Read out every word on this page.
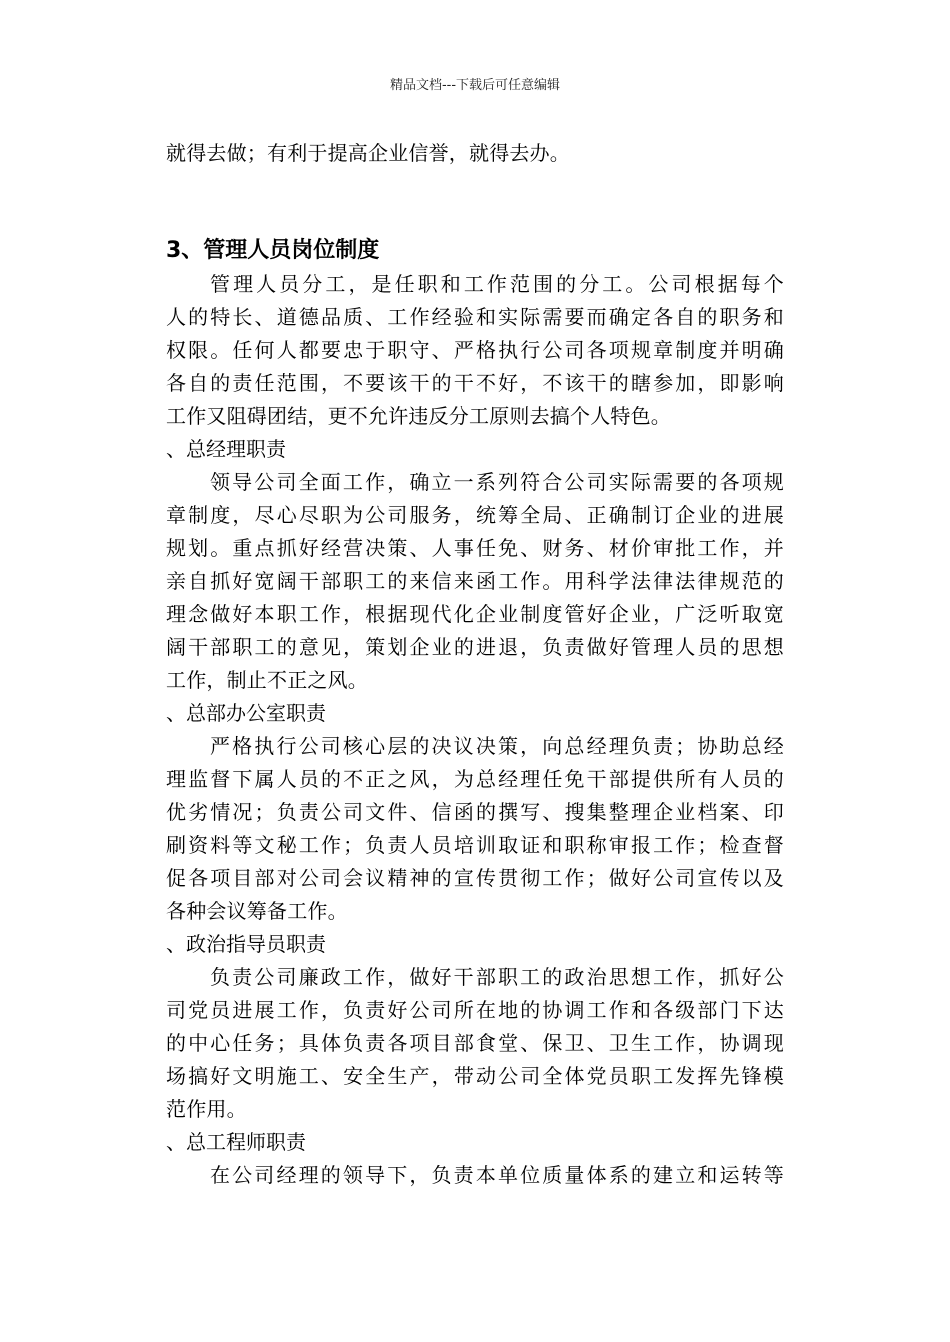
精品文档---下载后可任意编辑
就得去做；有利于提高企业信誉，就得去办。
3、管理人员岗位制度
管理人员分工，是任职和工作范围的分工。公司根据每个
人的特长、道德品质、工作经验和实际需要而确定各自的职务和
权限。任何人都要忠于职守、严格执行公司各项规章制度并明确
各自的责任范围，不要该干的干不好，不该干的瞎参加，即影响
工作又阻碍团结，更不允许违反分工原则去搞个人特色。
、总经理职责
领导公司全面工作，确立一系列符合公司实际需要的各项规
章制度，尽心尽职为公司服务，统筹全局、正确制订企业的进展
规划。重点抓好经营决策、人事任免、财务、材价审批工作，并
亲自抓好宽阔干部职工的来信来函工作。用科学法律法律规范的
理念做好本职工作，根据现代化企业制度管好企业，广泛听取宽
阔干部职工的意见，策划企业的进退，负责做好管理人员的思想
工作，制止不正之风。
、总部办公室职责
严格执行公司核心层的决议决策，向总经理负责；协助总经
理监督下属人员的不正之风，为总经理任免干部提供所有人员的
优劣情况；负责公司文件、信函的撰写、搜集整理企业档案、印
刷资料等文秘工作；负责人员培训取证和职称审报工作；检查督
促各项目部对公司会议精神的宣传贯彻工作；做好公司宣传以及
各种会议筹备工作。
、政治指导员职责
负责公司廉政工作，做好干部职工的政治思想工作，抓好公
司党员进展工作，负责好公司所在地的协调工作和各级部门下达
的中心任务；具体负责各项目部食堂、保卫、卫生工作，协调现
场搞好文明施工、安全生产，带动公司全体党员职工发挥先锋模
范作用。
、总工程师职责
在公司经理的领导下，负责本单位质量体系的建立和运转等
